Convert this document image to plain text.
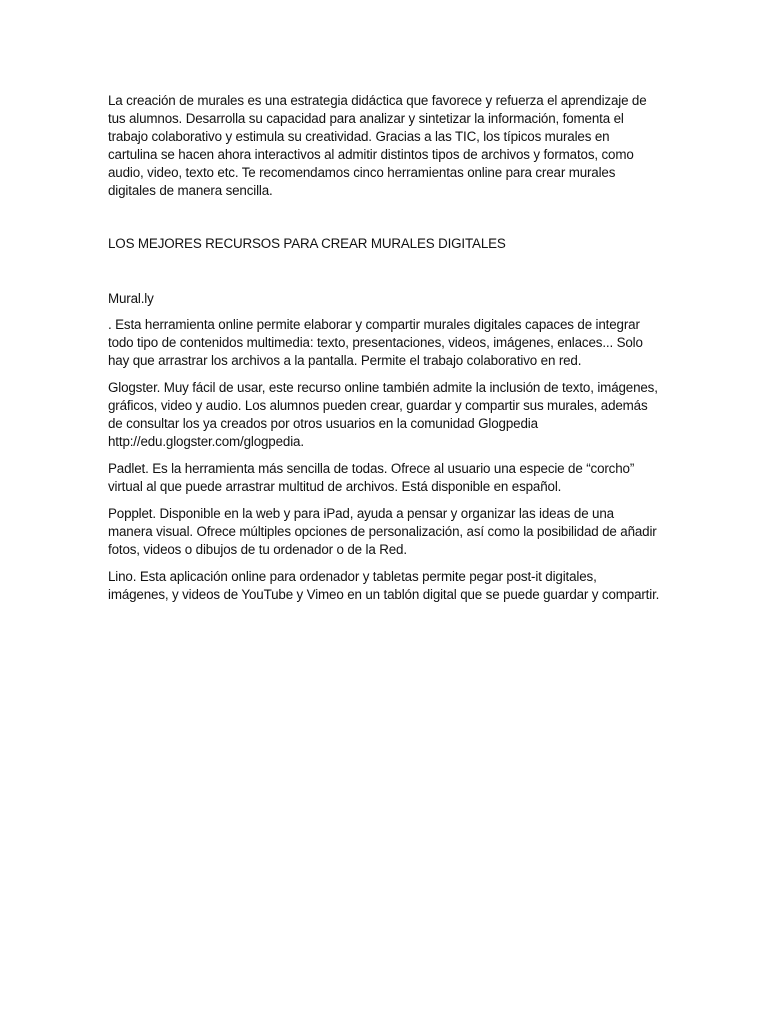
La creación de murales es una estrategia didáctica que favorece y refuerza el aprendizaje de tus alumnos. Desarrolla su capacidad para analizar y sintetizar la información, fomenta el trabajo colaborativo y estimula su creatividad. Gracias a las TIC, los típicos murales en cartulina se hacen ahora interactivos al admitir distintos tipos de archivos y formatos, como audio, video, texto etc. Te recomendamos cinco herramientas online para crear murales digitales de manera sencilla.

LOS MEJORES RECURSOS PARA CREAR MURALES DIGITALES

Mural.ly

. Esta herramienta online permite elaborar y compartir murales digitales capaces de integrar todo tipo de contenidos multimedia: texto, presentaciones, videos, imágenes, enlaces... Solo hay que arrastrar los archivos a la pantalla. Permite el trabajo colaborativo en red.

Glogster. Muy fácil de usar, este recurso online también admite la inclusión de texto, imágenes, gráficos, video y audio. Los alumnos pueden crear, guardar y compartir sus murales, además de consultar los ya creados por otros usuarios en la comunidad Glogpedia http://edu.glogster.com/glogpedia.

Padlet. Es la herramienta más sencilla de todas. Ofrece al usuario una especie de “corcho” virtual al que puede arrastrar multitud de archivos. Está disponible en español.

Popplet. Disponible en la web y para iPad, ayuda a pensar y organizar las ideas de una manera visual. Ofrece múltiples opciones de personalización, así como la posibilidad de añadir fotos, videos o dibujos de tu ordenador o de la Red.

Lino. Esta aplicación online para ordenador y tabletas permite pegar post-it digitales, imágenes, y videos de YouTube y Vimeo en un tablón digital que se puede guardar y compartir.
